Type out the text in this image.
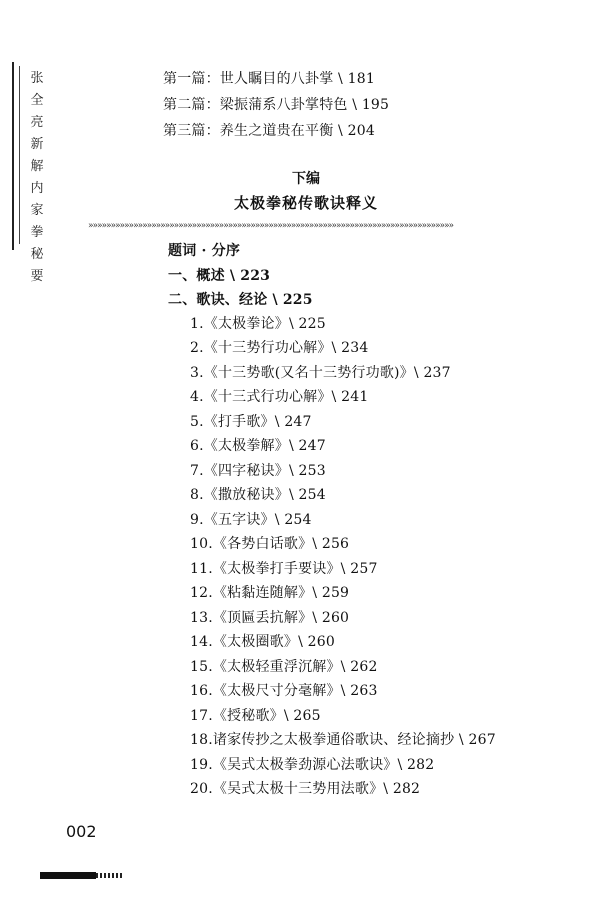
张
全
亮
新
解
内
家
拳
秘
要
第一篇：世人瞩目的八卦掌 \ 181
第二篇：梁振蒲系八卦掌特色 \ 195
第三篇：养生之道贵在平衡 \ 204
下编
太极拳秘传歌诀释义
»»»»»»»»»»»»»»»»»»»»»»»»»»»»»»»»»»»»»»»»»»»»»»»»»»»»»»»»»»»»»»»»»»»»»»»»»»»»»»»»»
题词 · 分序
一、概述 \ 223
二、歌诀、经论 \ 225
1.《太极拳论》\ 225
2.《十三势行功心解》\ 234
3.《十三势歌(又名十三势行功歌)》\ 237
4.《十三式行功心解》\ 241
5.《打手歌》\ 247
6.《太极拳解》\ 247
7.《四字秘诀》\ 253
8.《撒放秘诀》\ 254
9.《五字诀》\ 254
10.《各势白话歌》\ 256
11.《太极拳打手要诀》\ 257
12.《粘黏连随解》\ 259
13.《顶匾丢抗解》\ 260
14.《太极圈歌》\ 260
15.《太极轻重浮沉解》\ 262
16.《太极尺寸分毫解》\ 263
17.《授秘歌》\ 265
18.诸家传抄之太极拳通俗歌诀、经论摘抄 \ 267
19.《吴式太极拳劲源心法歌诀》\ 282
20.《吴式太极十三势用法歌》\ 282
002
